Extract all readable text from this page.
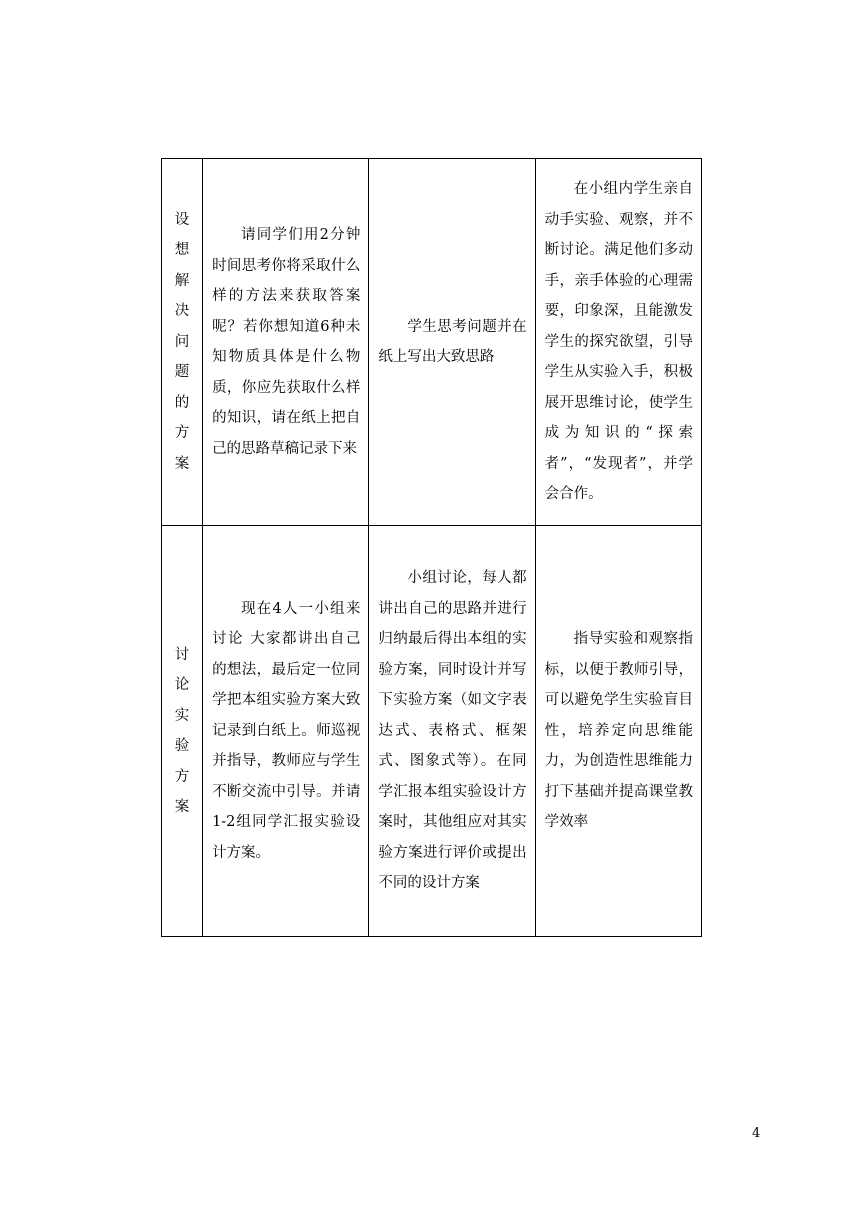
设想解决问题的方案	请同学们用2分钟时间思考你将采取什么样的方法来获取答案呢？若你想知道6种未知物质具体是什么物质，你应先获取什么样的知识，请在纸上把自己的思路草稿记录下来	学生思考问题并在纸上写出大致思路	在小组内学生亲自动手实验、观察，并不断讨论。满足他们多动手，亲手体验的心理需要，印象深，且能激发学生的探究欲望，引导学生从实验入手，积极展开思维讨论，使学生成为知识的“探索者”，“发现者”，并学会合作。

讨论实验方案	现在4人一小组来讨论 大家都讲出自己的想法，最后定一位同学把本组实验方案大致记录到白纸上。师巡视并指导，教师应与学生不断交流中引导。并请1-2组同学汇报实验设计方案。	小组讨论，每人都讲出自己的思路并进行归纳最后得出本组的实验方案，同时设计并写下实验方案（如文字表达式、表格式、框架式、图象式等）。在同学汇报本组实验设计方案时，其他组应对其实验方案进行评价或提出不同的设计方案	指导实验和观察指标，以便于教师引导，可以避免学生实验盲目性，培养定向思维能力，为创造性思维能力打下基础并提高课堂教学效率
4
